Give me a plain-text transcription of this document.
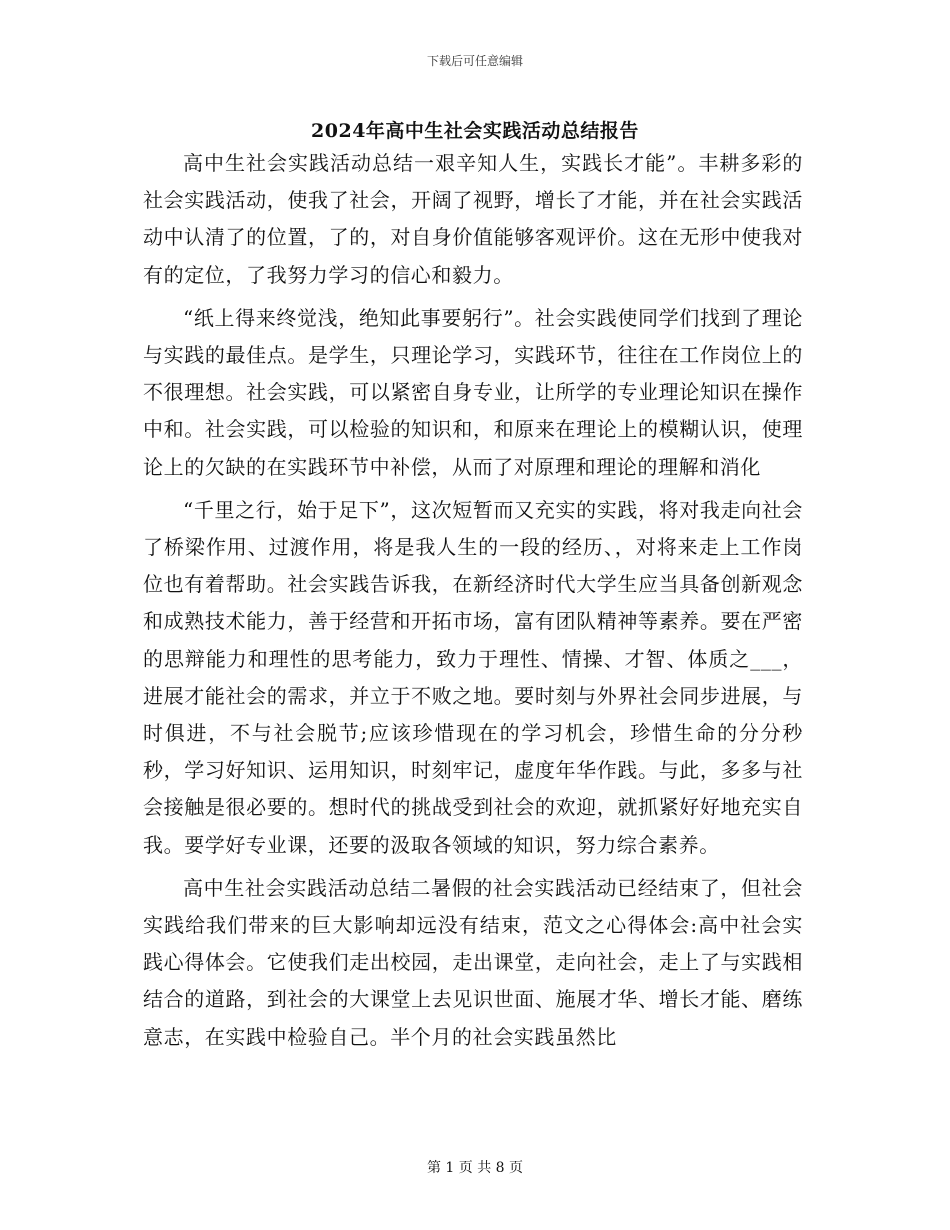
下载后可任意编辑
2024年高中生社会实践活动总结报告

高中生社会实践活动总结一艰辛知人生，实践长才能”。丰耕多彩的社会实践活动，使我了社会，开阔了视野，增长了才能，并在社会实践活动中认清了的位置，了的，对自身价值能够客观评价。这在无形中使我对有的定位，了我努力学习的信心和毅力。

“纸上得来终觉浅，绝知此事要躬行”。社会实践使同学们找到了理论与实践的最佳点。是学生，只理论学习，实践环节，往往在工作岗位上的不很理想。社会实践，可以紧密自身专业，让所学的专业理论知识在操作中和。社会实践，可以检验的知识和，和原来在理论上的模糊认识，使理论上的欠缺的在实践环节中补偿，从而了对原理和理论的理解和消化

“千里之行，始于足下”，这次短暂而又充实的实践，将对我走向社会了桥梁作用、过渡作用，将是我人生的一段的经历、，对将来走上工作岗位也有着帮助。社会实践告诉我，在新经济时代大学生应当具备创新观念和成熟技术能力，善于经营和开拓市场，富有团队精神等素养。要在严密的思辩能力和理性的思考能力，致力于理性、情操、才智、体质之___，进展才能社会的需求，并立于不败之地。要时刻与外界社会同步进展，与时俱进，不与社会脱节;应该珍惜现在的学习机会，珍惜生命的分分秒秒，学习好知识、运用知识，时刻牢记，虚度年华作践。与此，多多与社会接触是很必要的。想时代的挑战受到社会的欢迎，就抓紧好好地充实自我。要学好专业课，还要的汲取各领域的知识，努力综合素养。

高中生社会实践活动总结二暑假的社会实践活动已经结束了，但社会实践给我们带来的巨大影响却远没有结束，范文之心得体会:高中社会实践心得体会。它使我们走出校园，走出课堂，走向社会，走上了与实践相结合的道路，到社会的大课堂上去见识世面、施展才华、增长才能、磨练意志，在实践中检验自己。半个月的社会实践虽然比

第 1 页 共 8 页
